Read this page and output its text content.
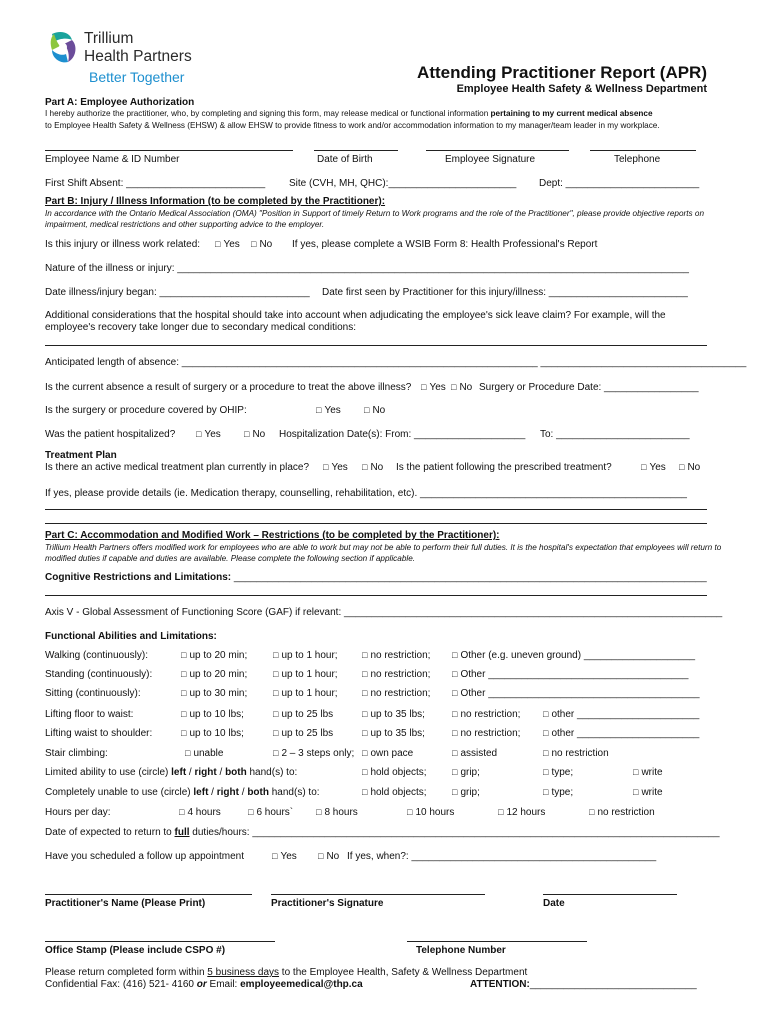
Trillium
Health Partners
Better Together	Attending Practitioner Report (APR)
Employee Health Safety & Wellness Department
Part A: Employee Authorization
I hereby authorize the practitioner, who, by completing and signing this form, may release medical or functional information pertaining to my current medical absence
to Employee Health Safety & Wellness (EHSW) & allow EHSW to provide fitness to work and/or accommodation information to my manager/team leader in my workplace.
Employee Name & ID Number	Date of Birth	Employee Signature	Telephone
First Shift Absent: _________________________ Site (CVH, MH, QHC):_______________________ Dept: ________________________
Part B: Injury / Illness Information (to be completed by the Practitioner):
In accordance with the Ontario Medical Association (OMA) "Position in Support of timely Return to Work programs and the role of the Practitioner", please provide objective reports on impairment, medical restrictions and other supporting advice to the employer.
Is this injury or illness work related:	□ Yes	□ No If yes, please complete a WSIB Form 8: Health Professional's Report
Nature of the illness or injury: ____________________________________________________________________________________________
Date illness/injury began: ___________________________ Date first seen by Practitioner for this injury/illness: _________________________
Additional considerations that the hospital should take into account when adjudicating the employee's sick leave claim? For example, will the employee's recovery take longer due to secondary medical conditions:
Anticipated length of absence: ________________________________________________________________ _____________________________________
Is the current absence a result of surgery or a procedure to treat the above illness?	□ Yes	□ No Surgery or Procedure Date: _________________
Is the surgery or procedure covered by OHIP:	□ Yes	□ No
Was the patient hospitalized?	□ Yes	□ No Hospitalization Date(s): From: ____________________ To: ________________________
Treatment Plan
Is there an active medical treatment plan currently in place?	□ Yes	□ No Is the patient following the prescribed treatment?	□ Yes	□ No
If yes, please provide details (ie. Medication therapy, counselling, rehabilitation, etc). ________________________________________________
Part C: Accommodation and Modified Work – Restrictions (to be completed by the Practitioner):
Trillium Health Partners offers modified work for employees who are able to work but may not be able to perform their full duties. It is the hospital's expectation that employees will return to modified duties if capable and duties are available. Please complete the following section if applicable.
Cognitive Restrictions and Limitations: _____________________________________________________________________________________
Axis V - Global Assessment of Functioning Score (GAF) if relevant: ____________________________________________________________________
Functional Abilities and Limitations:
Walking (continuously):	□ up to 20 min;	□ up to 1 hour;	□ no restriction;	□ Other (e.g. uneven ground) ____________________
Standing (continuously):	□ up to 20 min;	□ up to 1 hour;	□ no restriction;	□ Other ____________________________________
Sitting (continuously):	□ up to 30 min;	□ up to 1 hour;	□ no restriction;	□ Other ______________________________________
Lifting floor to waist:	□ up to 10 lbs;	□ up to 25 lbs	□ up to 35 lbs;	□ no restriction;	□ other ______________________
Lifting waist to shoulder:	□ up to 10 lbs;	□ up to 25 lbs	□ up to 35 lbs;	□ no restriction;	□ other ______________________
Stair climbing:	□ unable	□ 2 – 3 steps only;	□ own pace	□ assisted	□ no restriction
Limited ability to use (circle) left / right / both hand(s) to:	□ hold objects;	□ grip;	□ type;	□ write
Completely unable to use (circle) left / right / both hand(s) to:	□ hold objects;	□ grip;	□ type;	□ write
Hours per day:	□ 4 hours	□ 6 hours`	□ 8 hours	□ 10 hours	□ 12 hours	□ no restriction
Date of expected to return to full duties/hours: ____________________________________________________________________________________
Have you scheduled a follow up appointment	□ Yes	□ No If yes, when?: ____________________________________________
Practitioner's Name (Please Print)	Practitioner's Signature	Date
Office Stamp (Please include CSPO #)	Telephone Number
Please return completed form within 5 business days to the Employee Health, Safety & Wellness Department
Confidential Fax: (416) 521- 4160 or Email: employeemedical@thp.ca	ATTENTION:______________________________
